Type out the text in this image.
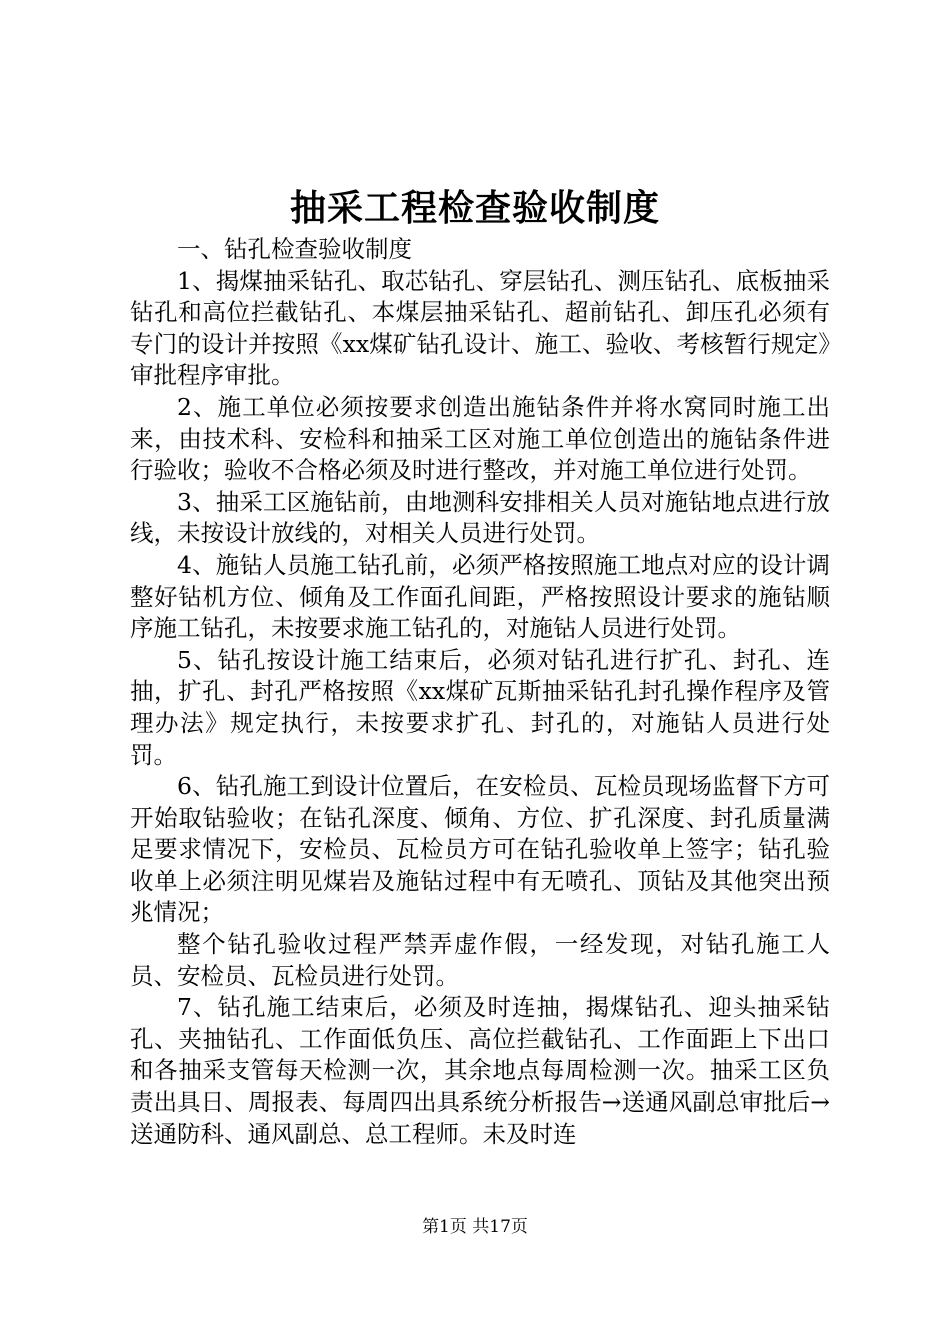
抽采工程检查验收制度

一、钻孔检查验收制度

1、揭煤抽采钻孔、取芯钻孔、穿层钻孔、测压钻孔、底板抽采钻孔和高位拦截钻孔、本煤层抽采钻孔、超前钻孔、卸压孔必须有专门的设计并按照《xx煤矿钻孔设计、施工、验收、考核暂行规定》审批程序审批。

2、施工单位必须按要求创造出施钻条件并将水窝同时施工出来，由技术科、安检科和抽采工区对施工单位创造出的施钻条件进行验收；验收不合格必须及时进行整改，并对施工单位进行处罚。

3、抽采工区施钻前，由地测科安排相关人员对施钻地点进行放线，未按设计放线的，对相关人员进行处罚。

4、施钻人员施工钻孔前，必须严格按照施工地点对应的设计调整好钻机方位、倾角及工作面孔间距，严格按照设计要求的施钻顺序施工钻孔，未按要求施工钻孔的，对施钻人员进行处罚。

5、钻孔按设计施工结束后，必须对钻孔进行扩孔、封孔、连抽，扩孔、封孔严格按照《xx煤矿瓦斯抽采钻孔封孔操作程序及管理办法》规定执行，未按要求扩孔、封孔的，对施钻人员进行处罚。

6、钻孔施工到设计位置后，在安检员、瓦检员现场监督下方可开始取钻验收；在钻孔深度、倾角、方位、扩孔深度、封孔质量满足要求情况下，安检员、瓦检员方可在钻孔验收单上签字；钻孔验收单上必须注明见煤岩及施钻过程中有无喷孔、顶钻及其他突出预兆情况；

整个钻孔验收过程严禁弄虚作假，一经发现，对钻孔施工人员、安检员、瓦检员进行处罚。

7、钻孔施工结束后，必须及时连抽，揭煤钻孔、迎头抽采钻孔、夹抽钻孔、工作面低负压、高位拦截钻孔、工作面距上下出口和各抽采支管每天检测一次，其余地点每周检测一次。抽采工区负责出具日、周报表、每周四出具系统分析报告→送通风副总审批后→送通防科、通风副总、总工程师。未及时连

第1页 共17页
